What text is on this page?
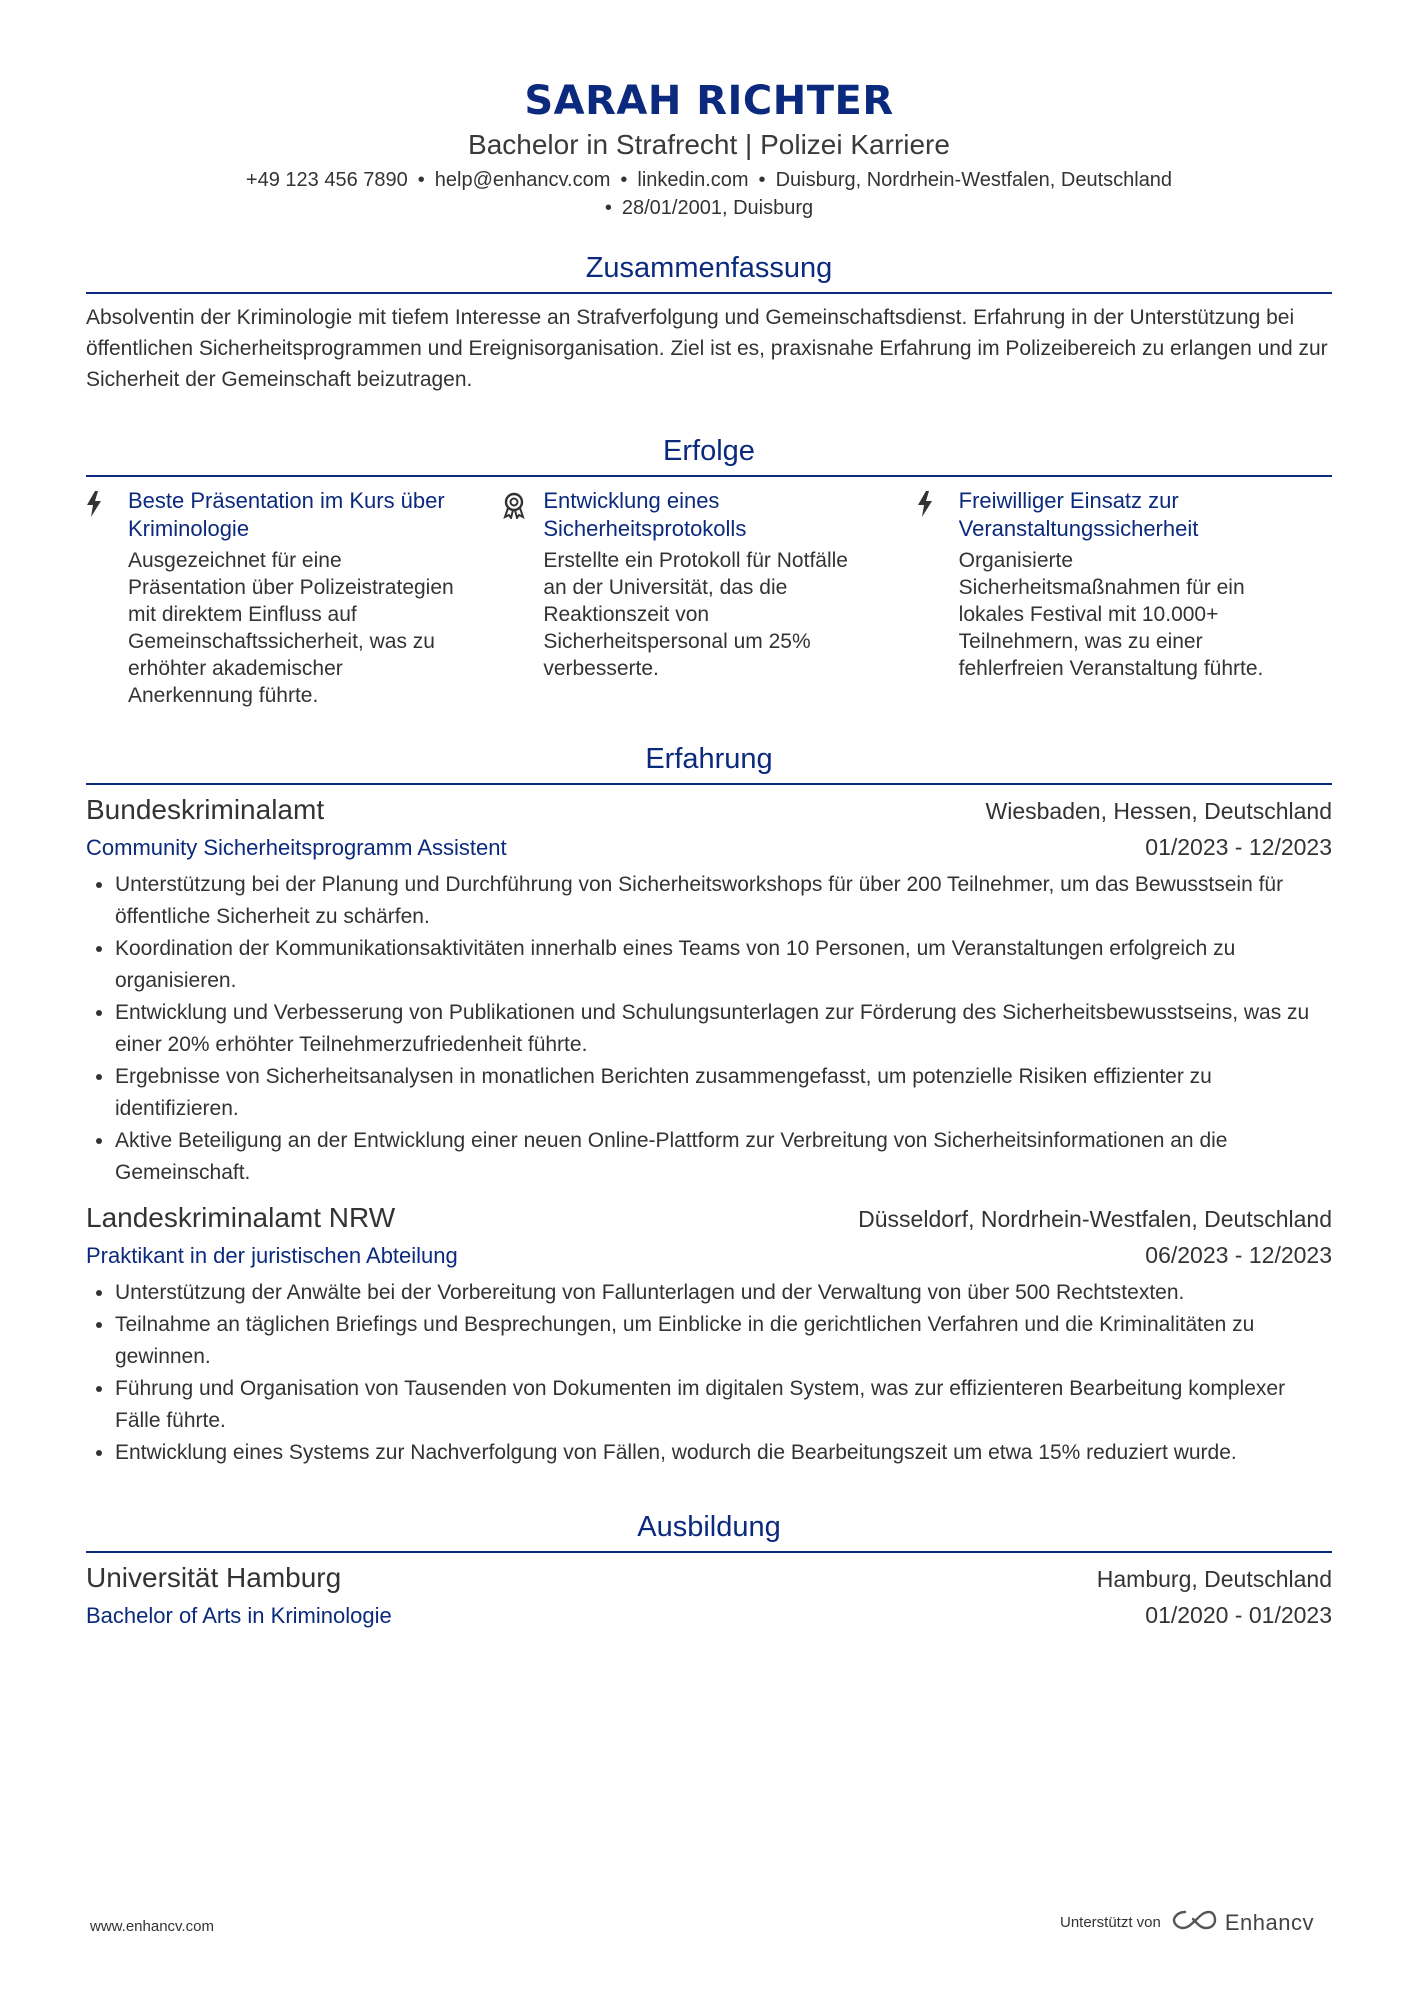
SARAH RICHTER
Bachelor in Strafrecht | Polizei Karriere
+49 123 456 7890 • help@enhancv.com • linkedin.com • Duisburg, Nordrhein-Westfalen, Deutschland
• 28/01/2001, Duisburg
Zusammenfassung
Absolventin der Kriminologie mit tiefem Interesse an Strafverfolgung und Gemeinschaftsdienst. Erfahrung in der Unterstützung bei öffentlichen Sicherheitsprogrammen und Ereignisorganisation. Ziel ist es, praxisnahe Erfahrung im Polizeibereich zu erlangen und zur Sicherheit der Gemeinschaft beizutragen.
Erfolge
Beste Präsentation im Kurs über Kriminologie
Ausgezeichnet für eine Präsentation über Polizeistrategien mit direktem Einfluss auf Gemeinschaftssicherheit, was zu erhöhter akademischer Anerkennung führte.
Entwicklung eines Sicherheitsprotokolls
Erstellte ein Protokoll für Notfälle an der Universität, das die Reaktionszeit von Sicherheitspersonal um 25% verbesserte.
Freiwilliger Einsatz zur Veranstaltungssicherheit
Organisierte Sicherheitsmaßnahmen für ein lokales Festival mit 10.000+ Teilnehmern, was zu einer fehlerfreien Veranstaltung führte.
Erfahrung
Bundeskriminalamt	Wiesbaden, Hessen, Deutschland
Community Sicherheitsprogramm Assistent	01/2023 - 12/2023
• Unterstützung bei der Planung und Durchführung von Sicherheitsworkshops für über 200 Teilnehmer, um das Bewusstsein für öffentliche Sicherheit zu schärfen.
• Koordination der Kommunikationsaktivitäten innerhalb eines Teams von 10 Personen, um Veranstaltungen erfolgreich zu organisieren.
• Entwicklung und Verbesserung von Publikationen und Schulungsunterlagen zur Förderung des Sicherheitsbewusstseins, was zu einer 20% erhöhter Teilnehmerzufriedenheit führte.
• Ergebnisse von Sicherheitsanalysen in monatlichen Berichten zusammengefasst, um potenzielle Risiken effizienter zu identifizieren.
• Aktive Beteiligung an der Entwicklung einer neuen Online-Plattform zur Verbreitung von Sicherheitsinformationen an die Gemeinschaft.
Landeskriminalamt NRW	Düsseldorf, Nordrhein-Westfalen, Deutschland
Praktikant in der juristischen Abteilung	06/2023 - 12/2023
• Unterstützung der Anwälte bei der Vorbereitung von Fallunterlagen und der Verwaltung von über 500 Rechtstexten.
• Teilnahme an täglichen Briefings und Besprechungen, um Einblicke in die gerichtlichen Verfahren und die Kriminalitäten zu gewinnen.
• Führung und Organisation von Tausenden von Dokumenten im digitalen System, was zur effizienteren Bearbeitung komplexer Fälle führte.
• Entwicklung eines Systems zur Nachverfolgung von Fällen, wodurch die Bearbeitungszeit um etwa 15% reduziert wurde.
Ausbildung
Universität Hamburg	Hamburg, Deutschland
Bachelor of Arts in Kriminologie	01/2020 - 01/2023
www.enhancv.com	Unterstützt von	Enhancv
